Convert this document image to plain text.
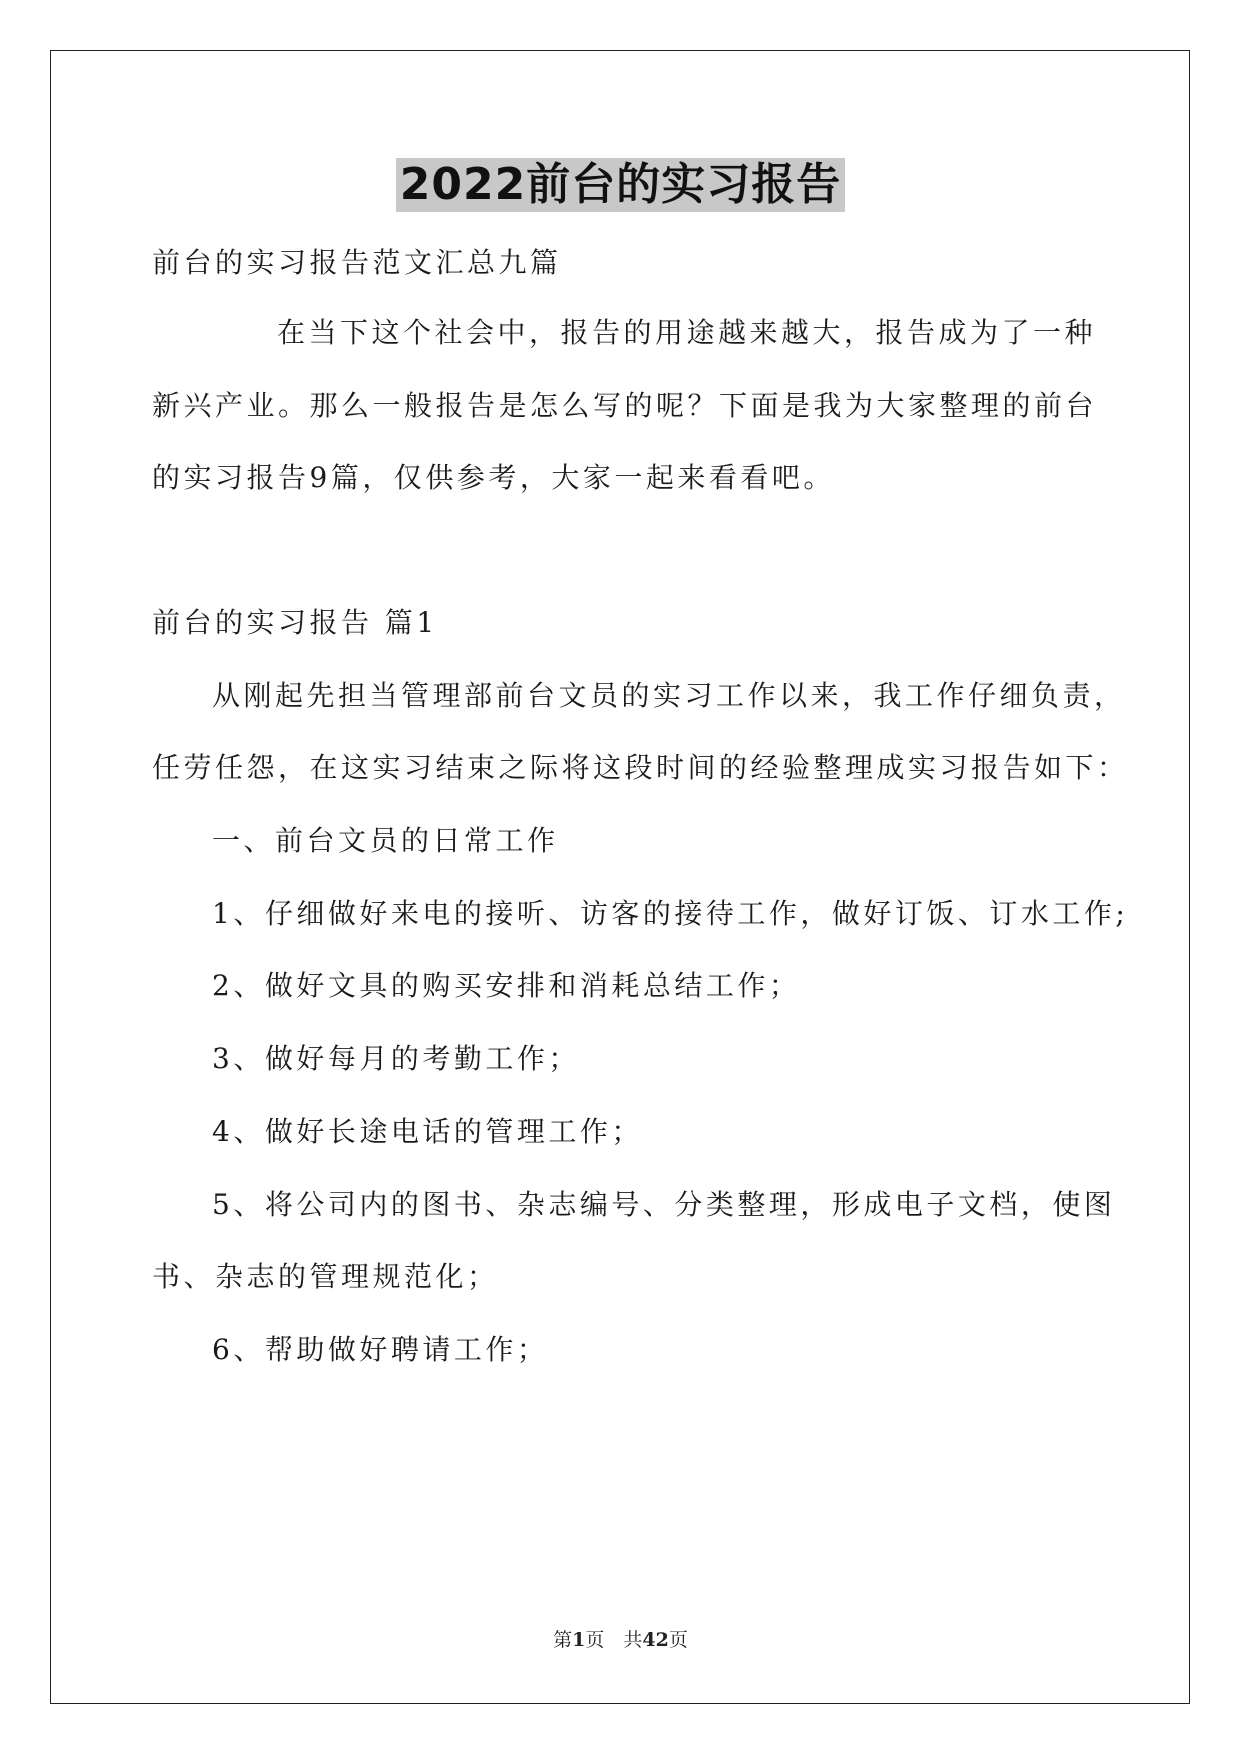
2022前台的实习报告
前台的实习报告范文汇总九篇
在当下这个社会中，报告的用途越来越大，报告成为了一种
新兴产业。那么一般报告是怎么写的呢？下面是我为大家整理的前台
的实习报告9篇，仅供参考，大家一起来看看吧。
前台的实习报告 篇1
从刚起先担当管理部前台文员的实习工作以来，我工作仔细负责，
任劳任怨，在这实习结束之际将这段时间的经验整理成实习报告如下：
一、前台文员的日常工作
1、仔细做好来电的接听、访客的接待工作，做好订饭、订水工作;
2、做好文具的购买安排和消耗总结工作；
3、做好每月的考勤工作；
4、做好长途电话的管理工作；
5、将公司内的图书、杂志编号、分类整理，形成电子文档，使图
书、杂志的管理规范化；
6、帮助做好聘请工作；
第1页　共42页
